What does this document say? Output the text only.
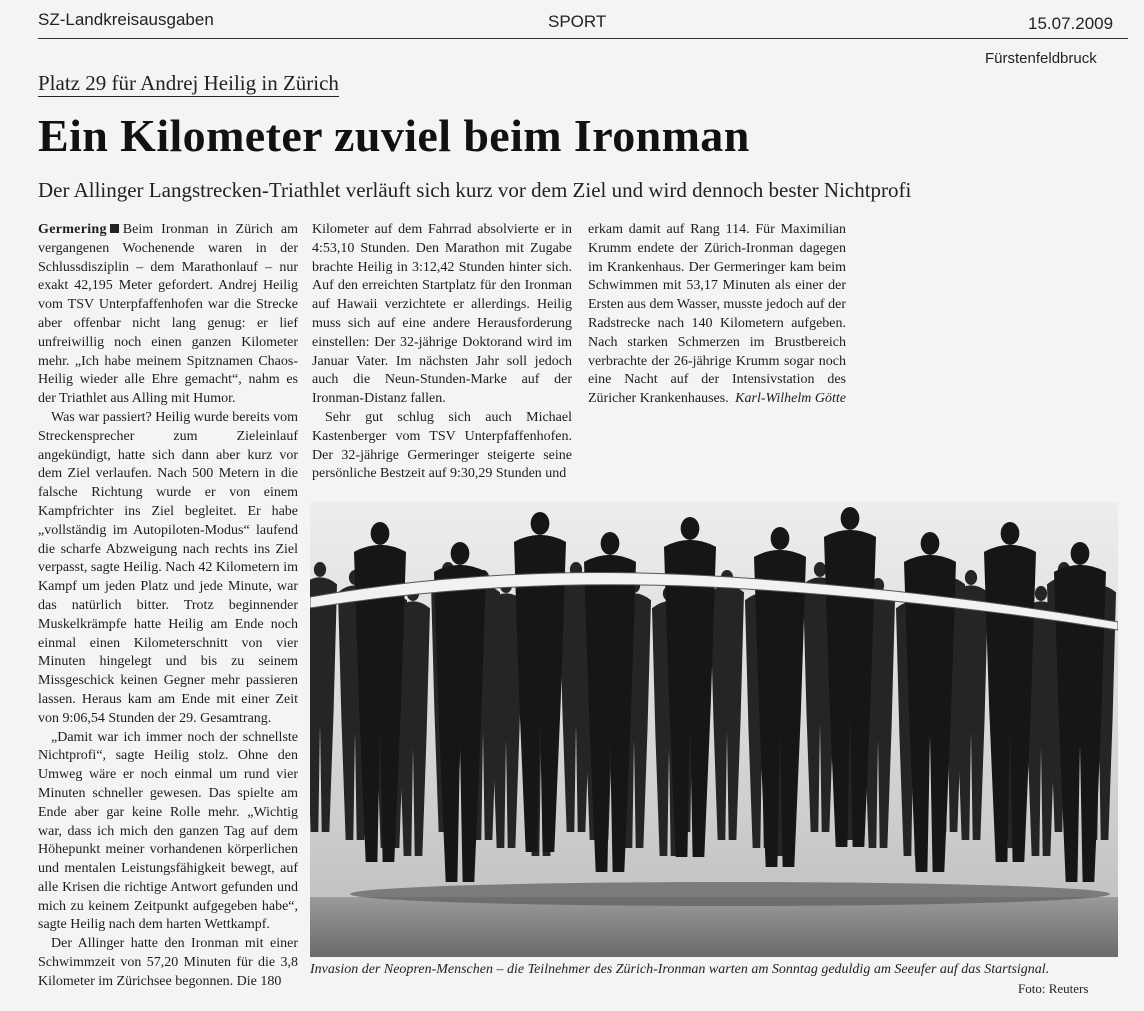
SZ-Landkreisausgaben	SPORT	15.07.2009
Fürstenfeldbruck
Platz 29 für Andrej Heilig in Zürich
Ein Kilometer zuviel beim Ironman
Der Allinger Langstrecken-Triathlet verläuft sich kurz vor dem Ziel und wird dennoch bester Nichtprofi

Germering Beim Ironman in Zürich am vergangenen Wochenende waren in der Schlussdisziplin – dem Marathonlauf – nur exakt 42,195 Meter gefordert. Andrej Heilig vom TSV Unterpfaffenhofen war die Strecke aber offenbar nicht lang genug: er lief unfreiwillig noch einen ganzen Kilometer mehr. „Ich habe meinem Spitznamen Chaos-Heilig wieder alle Ehre gemacht“, nahm es der Triathlet aus Alling mit Humor.

Was war passiert? Heilig wurde bereits vom Streckensprecher zum Zieleinlauf angekündigt, hatte sich dann aber kurz vor dem Ziel verlaufen. Nach 500 Metern in die falsche Richtung wurde er von einem Kampfrichter ins Ziel begleitet. Er habe „vollständig im Autopiloten-Modus“ laufend die scharfe Abzweigung nach rechts ins Ziel verpasst, sagte Heilig. Nach 42 Kilometern im Kampf um jeden Platz und jede Minute, war das natürlich bitter. Trotz beginnender Muskelkrämpfe hatte Heilig am Ende noch einmal einen Kilometerschnitt von vier Minuten hingelegt und bis zu seinem Missgeschick keinen Gegner mehr passieren lassen. Heraus kam am Ende mit einer Zeit von 9:06,54 Stunden der 29. Gesamtrang.

„Damit war ich immer noch der schnellste Nichtprofi“, sagte Heilig stolz. Ohne den Umweg wäre er noch einmal um rund vier Minuten schneller gewesen. Das spielte am Ende aber gar keine Rolle mehr. „Wichtig war, dass ich mich den ganzen Tag auf dem Höhepunkt meiner vorhandenen körperlichen und mentalen Leistungsfähigkeit bewegt, auf alle Krisen die richtige Antwort gefunden und mich zu keinem Zeitpunkt aufgegeben habe“, sagte Heilig nach dem harten Wettkampf.

Der Allinger hatte den Ironman mit einer Schwimmzeit von 57,20 Minuten für die 3,8 Kilometer im Zürichsee begonnen. Die 180

Kilometer auf dem Fahrrad absolvierte er in 4:53,10 Stunden. Den Marathon mit Zugabe brachte Heilig in 3:12,42 Stunden hinter sich. Auf den erreichten Startplatz für den Ironman auf Hawaii verzichtete er allerdings. Heilig muss sich auf eine andere Herausforderung einstellen: Der 32-jährige Doktorand wird im Januar Vater. Im nächsten Jahr soll jedoch auch die Neun-Stunden-Marke auf der Ironman-Distanz fallen.

Sehr gut schlug sich auch Michael Kastenberger vom TSV Unterpfaffenhofen. Der 32-jährige Germeringer steigerte seine persönliche Bestzeit auf 9:30,29 Stunden und

erkam damit auf Rang 114. Für Maximilian Krumm endete der Zürich-Ironman dagegen im Krankenhaus. Der Germeringer kam beim Schwimmen mit 53,17 Minuten als einer der Ersten aus dem Wasser, musste jedoch auf der Radstrecke nach 140 Kilometern aufgeben. Nach starken Schmerzen im Brustbereich verbrachte der 26-jährige Krumm sogar noch eine Nacht auf der Intensivstation des Züricher Krankenhauses. Karl-Wilhelm Götte

Invasion der Neopren-Menschen – die Teilnehmer des Zürich-Ironman warten am Sonntag geduldig am Seeufer auf das Startsignal.
Foto: Reuters
